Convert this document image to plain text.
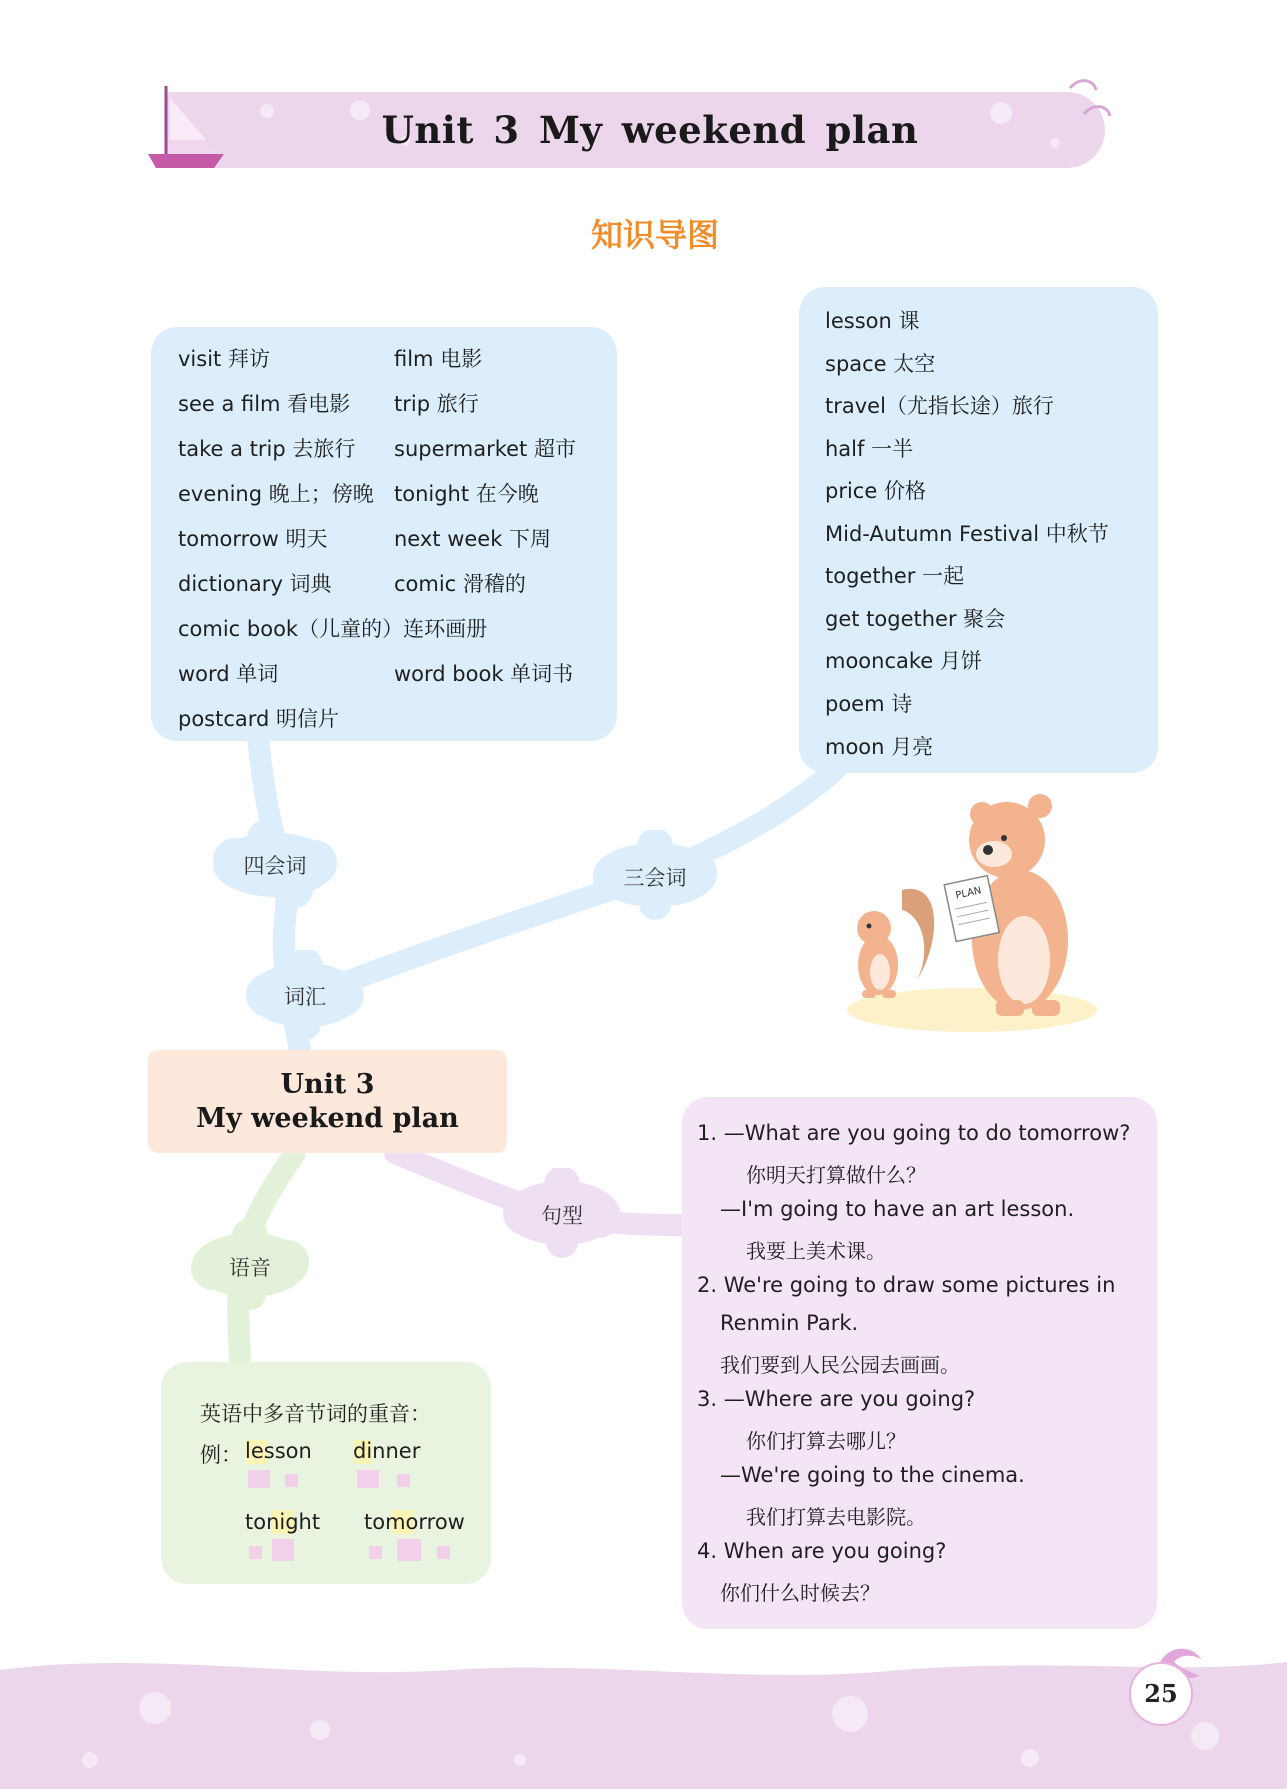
Unit 3 My weekend plan
知识导图
visit 拜访
see a film 看电影
take a trip 去旅行
evening 晚上；傍晚
tomorrow 明天
dictionary 词典
comic book（儿童的）连环画册
word 单词
postcard 明信片
film 电影
trip 旅行
supermarket 超市
tonight 在今晚
next week 下周
comic 滑稽的
word book 单词书
lesson 课
space 太空
travel（尤指长途）旅行
half 一半
price 价格
Mid-Autumn Festival 中秋节
together 一起
get together 聚会
mooncake 月饼
poem 诗
moon 月亮
四会词	三会词
词汇
Unit 3
My weekend plan
语音
句型
英语中多音节词的重音：
例： lesson dinner
tonight tomorrow
1. —What are you going to do tomorrow?
你明天打算做什么？
—I'm going to have an art lesson.
我要上美术课。
2. We're going to draw some pictures in
Renmin Park.
我们要到人民公园去画画。
3. —Where are you going?
你们打算去哪儿？
—We're going to the cinema.
我们打算去电影院。
4. When are you going?
你们什么时候去？
PLAN
25
